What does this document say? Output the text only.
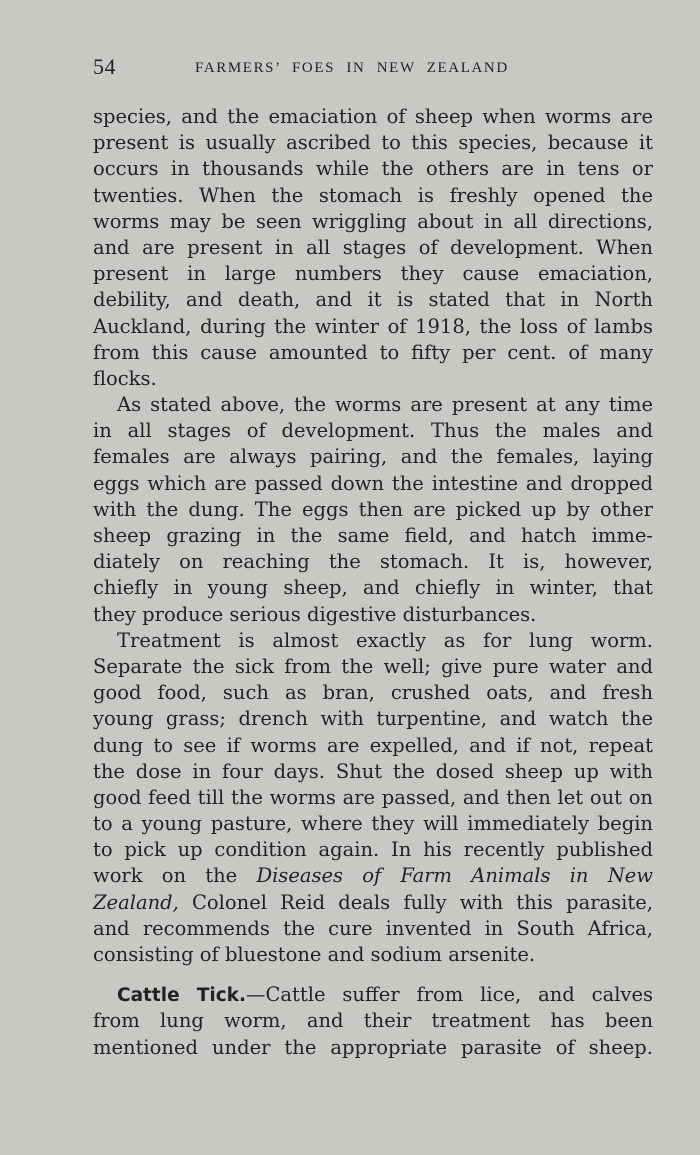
54	FARMERS’ FOES IN NEW ZEALAND
species, and the emaciation of sheep when worms are
present is usually ascribed to this species, because it
occurs in thousands while the others are in tens or
twenties. When the stomach is freshly opened the
worms may be seen wriggling about in all directions,
and are present in all stages of development. When
present in large numbers they cause emaciation,
debility, and death, and it is stated that in North
Auckland, during the winter of 1918, the loss of lambs
from this cause amounted to fifty per cent. of many
flocks.
As stated above, the worms are present at any time
in all stages of development. Thus the males and
females are always pairing, and the females, laying
eggs which are passed down the intestine and dropped
with the dung. The eggs then are picked up by other
sheep grazing in the same field, and hatch imme-
diately on reaching the stomach. It is, however,
chiefly in young sheep, and chiefly in winter, that
they produce serious digestive disturbances.
Treatment is almost exactly as for lung worm.
Separate the sick from the well; give pure water and
good food, such as bran, crushed oats, and fresh
young grass; drench with turpentine, and watch the
dung to see if worms are expelled, and if not, repeat
the dose in four days. Shut the dosed sheep up with
good feed till the worms are passed, and then let out on
to a young pasture, where they will immediately begin
to pick up condition again. In his recently published
work on the Diseases of Farm Animals in New
Zealand, Colonel Reid deals fully with this parasite,
and recommends the cure invented in South Africa,
consisting of bluestone and sodium arsenite.
Cattle Tick.—Cattle suffer from lice, and calves
from lung worm, and their treatment has been
mentioned under the appropriate parasite of sheep.
